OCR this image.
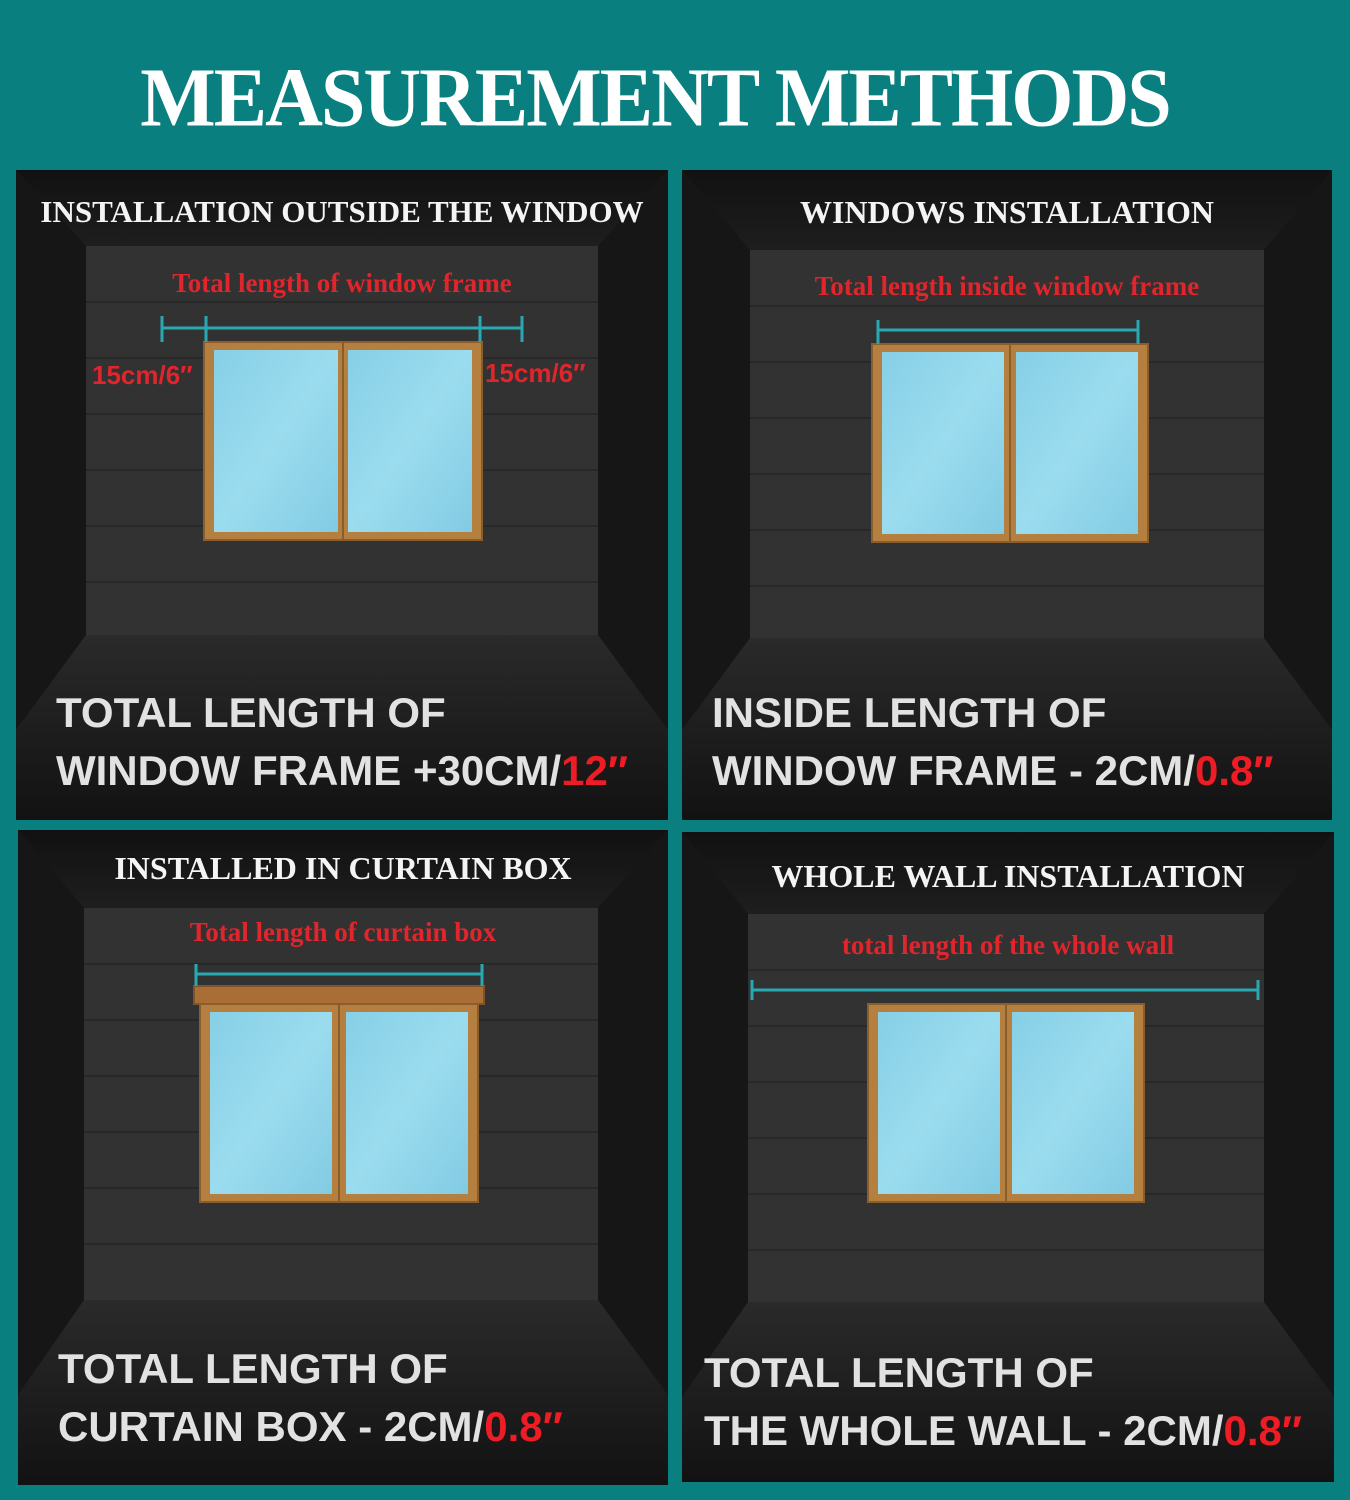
MEASUREMENT METHODS
INSTALLATION OUTSIDE THE WINDOW
Total length of window frame
15cm/6″	15cm/6″
TOTAL LENGTH OF
WINDOW FRAME +30CM/12″
WINDOWS INSTALLATION
Total length inside window frame
INSIDE LENGTH OF
WINDOW FRAME - 2CM/0.8″
INSTALLED IN CURTAIN BOX
Total length of curtain box
TOTAL LENGTH OF
CURTAIN BOX - 2CM/0.8″
WHOLE WALL INSTALLATION
total length of the whole wall
TOTAL LENGTH OF
THE WHOLE WALL - 2CM/0.8″
